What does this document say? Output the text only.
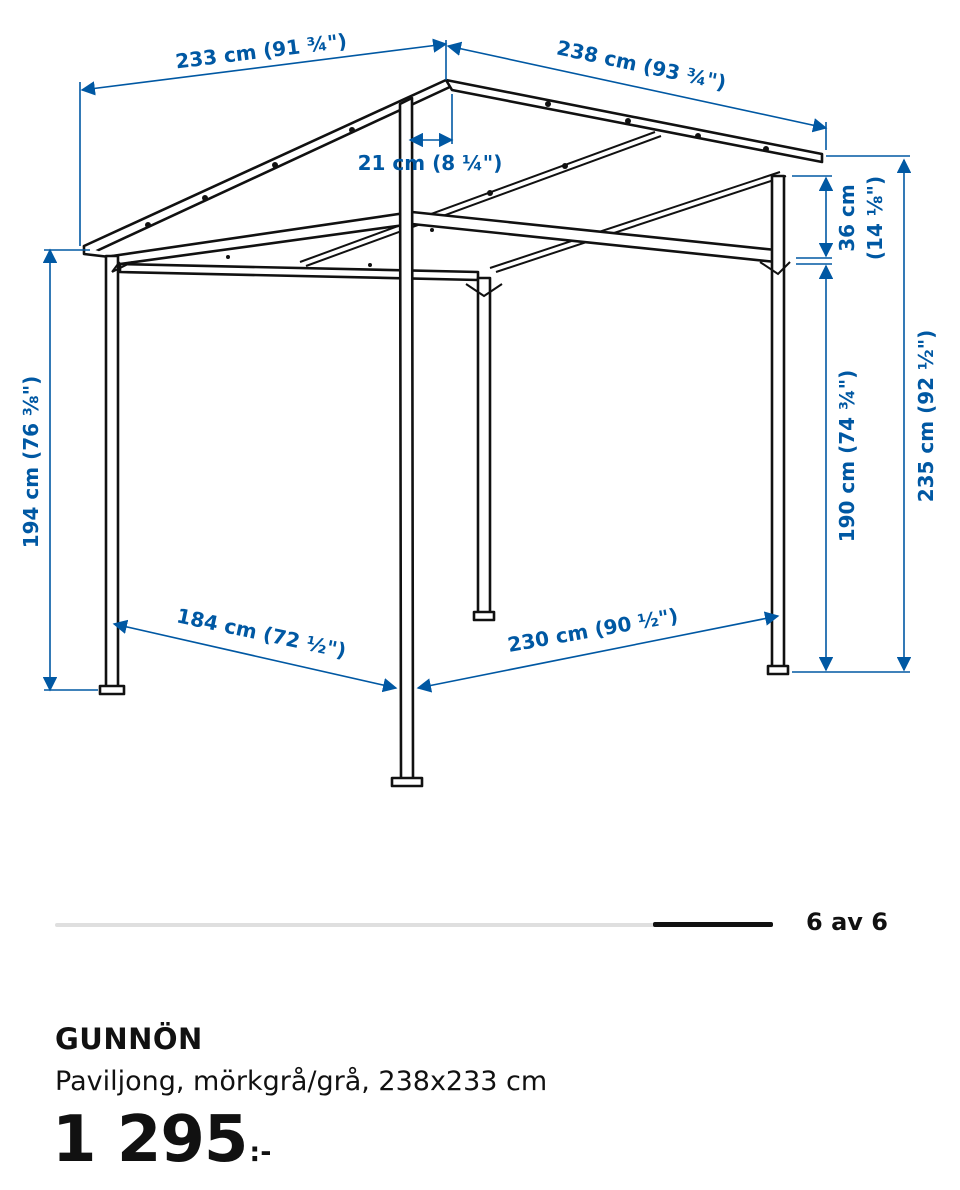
233 cm (91 ¾")	238 cm (93 ¾")
21 cm (8 ¼")
194 cm (76 ⅜")
36 cm (14 ⅛")
190 cm (74 ¾")	235 cm (92 ½")
184 cm (72 ½")	230 cm (90 ½")
6 av 6
GUNNÖN
Paviljong, mörkgrå/grå, 238x233 cm
1 295 :-
